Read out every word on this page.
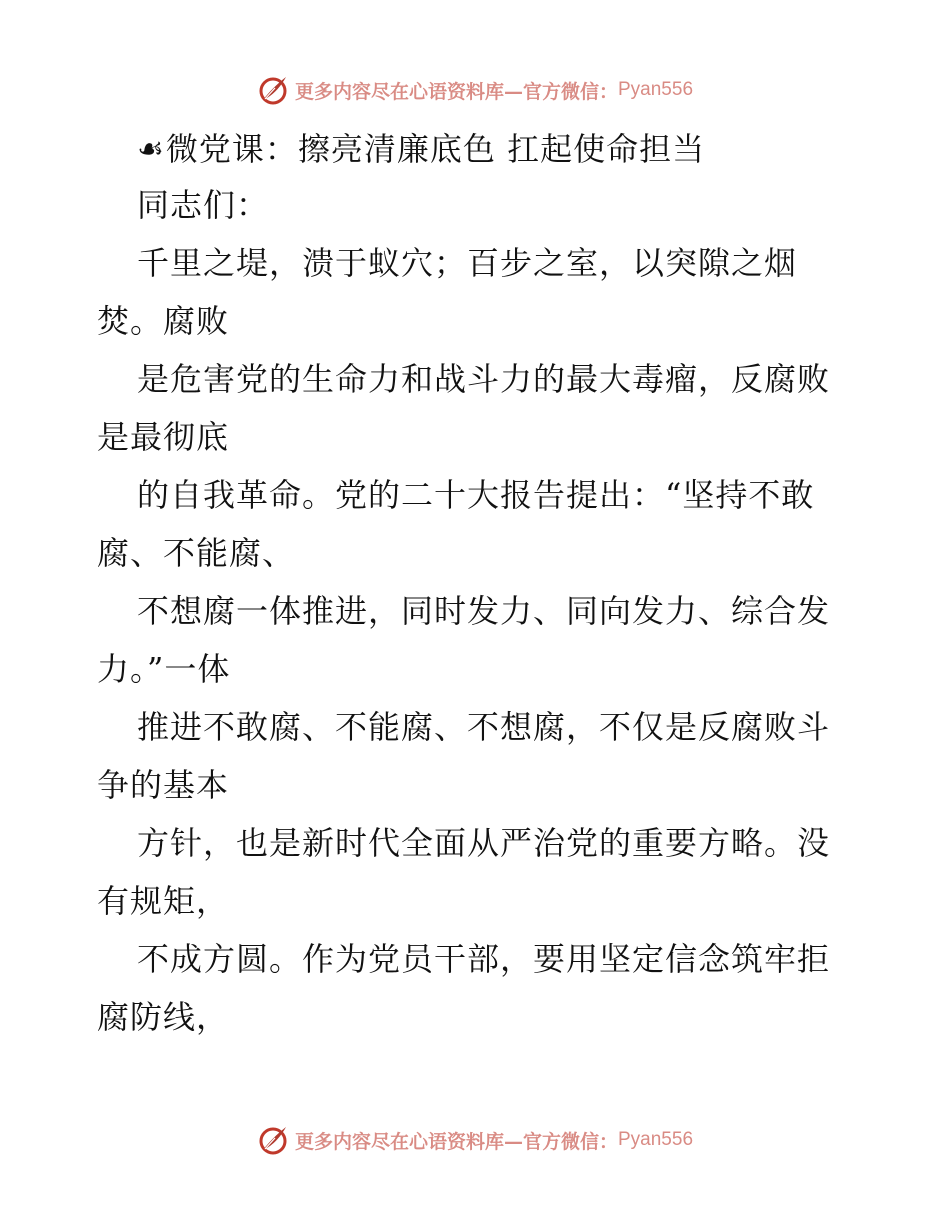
更多内容尽在心语资料库—官方微信： Pyan556
☙ 微党课：擦亮清廉底色 扛起使命担当
同志们：
千里之堤，溃于蚁穴；百步之室，以突隙之烟
焚。腐败
是危害党的生命力和战斗力的最大毒瘤，反腐败
是最彻底
的自我革命。党的二十大报告提出：“坚持不敢
腐、不能腐、
不想腐一体推进，同时发力、同向发力、综合发
力。”一体
推进不敢腐、不能腐、不想腐，不仅是反腐败斗
争的基本
方针，也是新时代全面从严治党的重要方略。没
有规矩，
不成方圆。作为党员干部，要用坚定信念筑牢拒
腐防线，
更多内容尽在心语资料库—官方微信： Pyan556
